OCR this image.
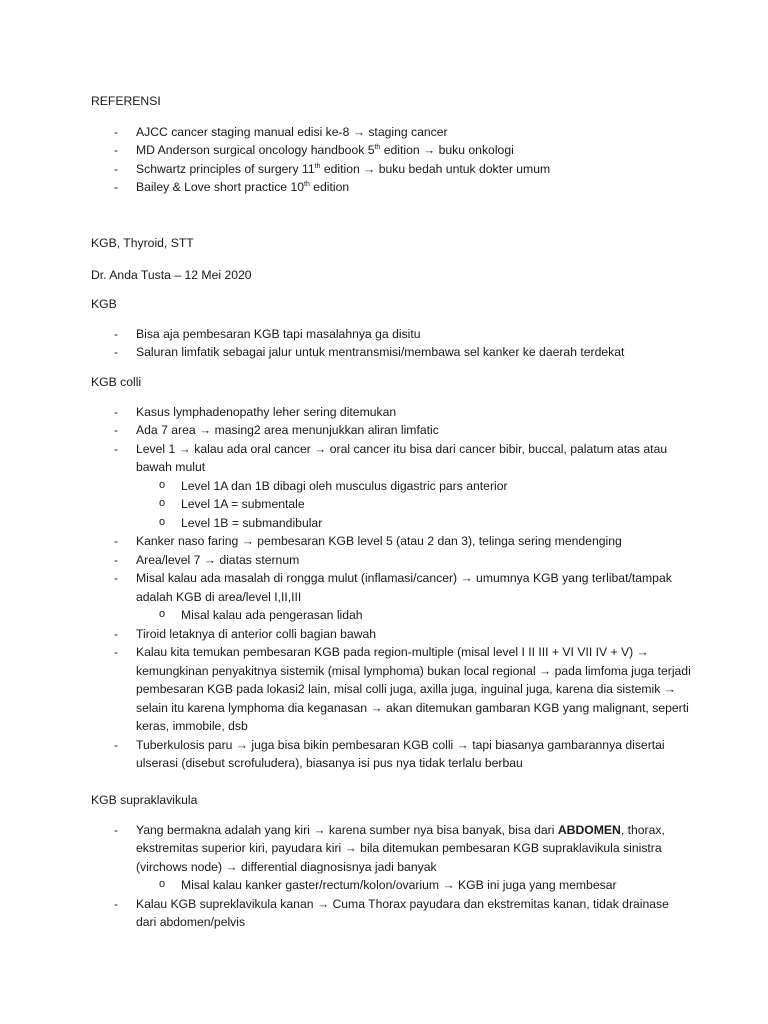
REFERENSI

- AJCC cancer staging manual edisi ke-8 → staging cancer
- MD Anderson surgical oncology handbook 5th edition → buku onkologi
- Schwartz principles of surgery 11th edition → buku bedah untuk dokter umum
- Bailey & Love short practice 10th edition

KGB, Thyroid, STT

Dr. Anda Tusta – 12 Mei 2020

KGB

- Bisa aja pembesaran KGB tapi masalahnya ga disitu
- Saluran limfatik sebagai jalur untuk mentransmisi/membawa sel kanker ke daerah terdekat

KGB colli

- Kasus lymphadenopathy leher sering ditemukan
- Ada 7 area → masing2 area menunjukkan aliran limfatic
- Level 1 → kalau ada oral cancer → oral cancer itu bisa dari cancer bibir, buccal, palatum atas atau bawah mulut
o Level 1A dan 1B dibagi oleh musculus digastric pars anterior
o Level 1A = submentale
o Level 1B = submandibular
- Kanker naso faring → pembesaran KGB level 5 (atau 2 dan 3), telinga sering mendenging
- Area/level 7 → diatas sternum
- Misal kalau ada masalah di rongga mulut (inflamasi/cancer) → umumnya KGB yang terlibat/tampak adalah KGB di area/level I,II,III
o Misal kalau ada pengerasan lidah
- Tiroid letaknya di anterior colli bagian bawah
- Kalau kita temukan pembesaran KGB pada region-multiple (misal level I II III + VI VII IV + V) → kemungkinan penyakitnya sistemik (misal lymphoma) bukan local regional → pada limfoma juga terjadi pembesaran KGB pada lokasi2 lain, misal colli juga, axilla juga, inguinal juga, karena dia sistemik → selain itu karena lymphoma dia keganasan → akan ditemukan gambaran KGB yang malignant, seperti keras, immobile, dsb
- Tuberkulosis paru → juga bisa bikin pembesaran KGB colli → tapi biasanya gambarannya disertai ulserasi (disebut scrofuludera), biasanya isi pus nya tidak terlalu berbau

KGB supraklavikula

- Yang bermakna adalah yang kiri → karena sumber nya bisa banyak, bisa dari ABDOMEN, thorax, ekstremitas superior kiri, payudara kiri → bila ditemukan pembesaran KGB supraklavikula sinistra (virchows node) → differential diagnosisnya jadi banyak
o Misal kalau kanker gaster/rectum/kolon/ovarium → KGB ini juga yang membesar
- Kalau KGB supreklavikula kanan → Cuma Thorax payudara dan ekstremitas kanan, tidak drainase dari abdomen/pelvis
